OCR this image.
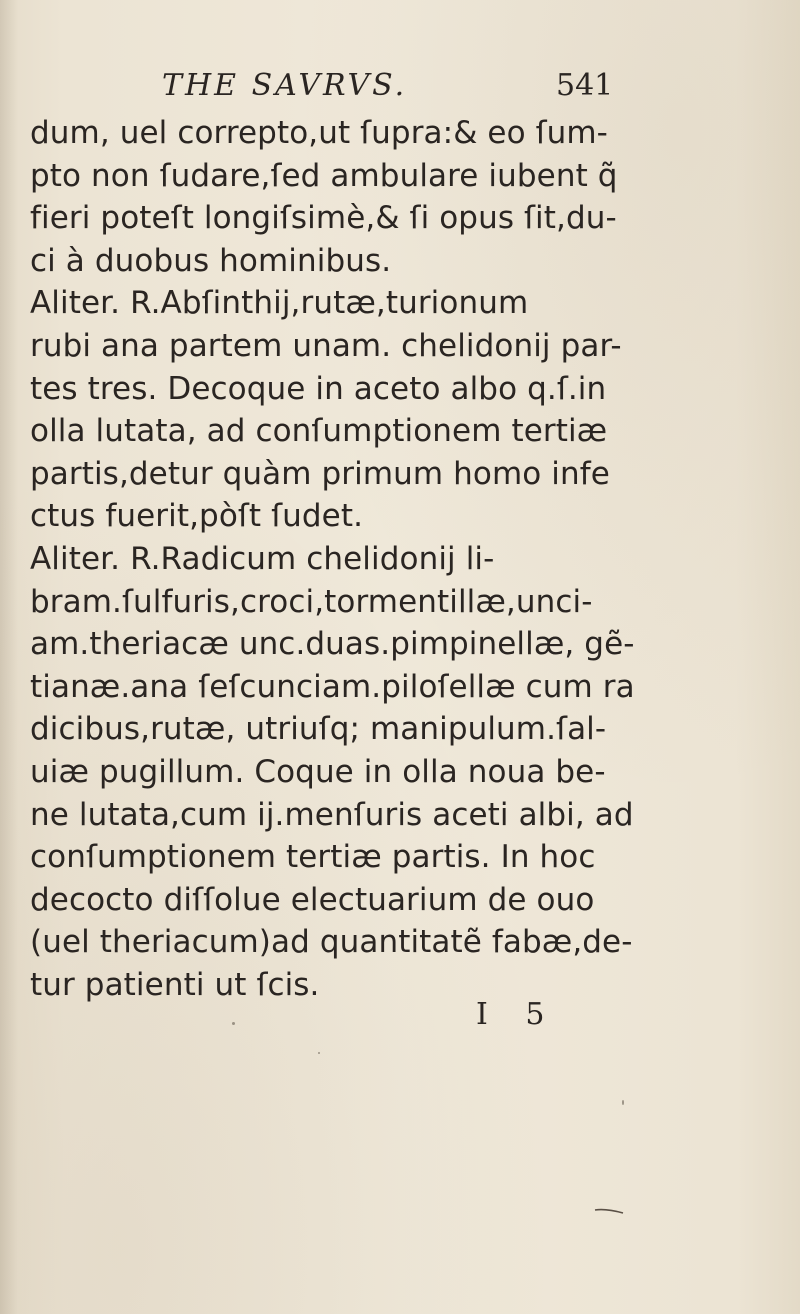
THE SAVRVS.	541
dum, uel correpto,ut ſupra:& eo ſum-
pto non ſudare,ſed ambulare iubent q̃
fieri poteſt longiſsimè,& ſi opus ſit,du-
ci à duobus hominibus.
Aliter. R.Abſinthij,rutæ,turionum
rubi ana partem unam. chelidonij par-
tes tres. Decoque in aceto albo q.ſ.in
olla lutata, ad conſumptionem tertiæ
partis,detur quàm primum homo infe
ctus fuerit,pòſt ſudet.
Aliter. R.Radicum chelidonij li-
bram.ſulfuris,croci,tormentillæ,unci-
am.theriacæ unc.duas.pimpinellæ, gẽ-
tianæ.ana ſeſcunciam.piloſellæ cum ra
dicibus,rutæ, utriuſq; manipulum.ſal-
uiæ pugillum. Coque in olla noua be-
ne lutata,cum ij.menſuris aceti albi, ad
conſumptionem tertiæ partis. In hoc
decocto diſſolue electuarium de ouo
(uel theriacum)ad quantitatẽ fabæ,de-
tur patienti ut ſcis.
I 5
